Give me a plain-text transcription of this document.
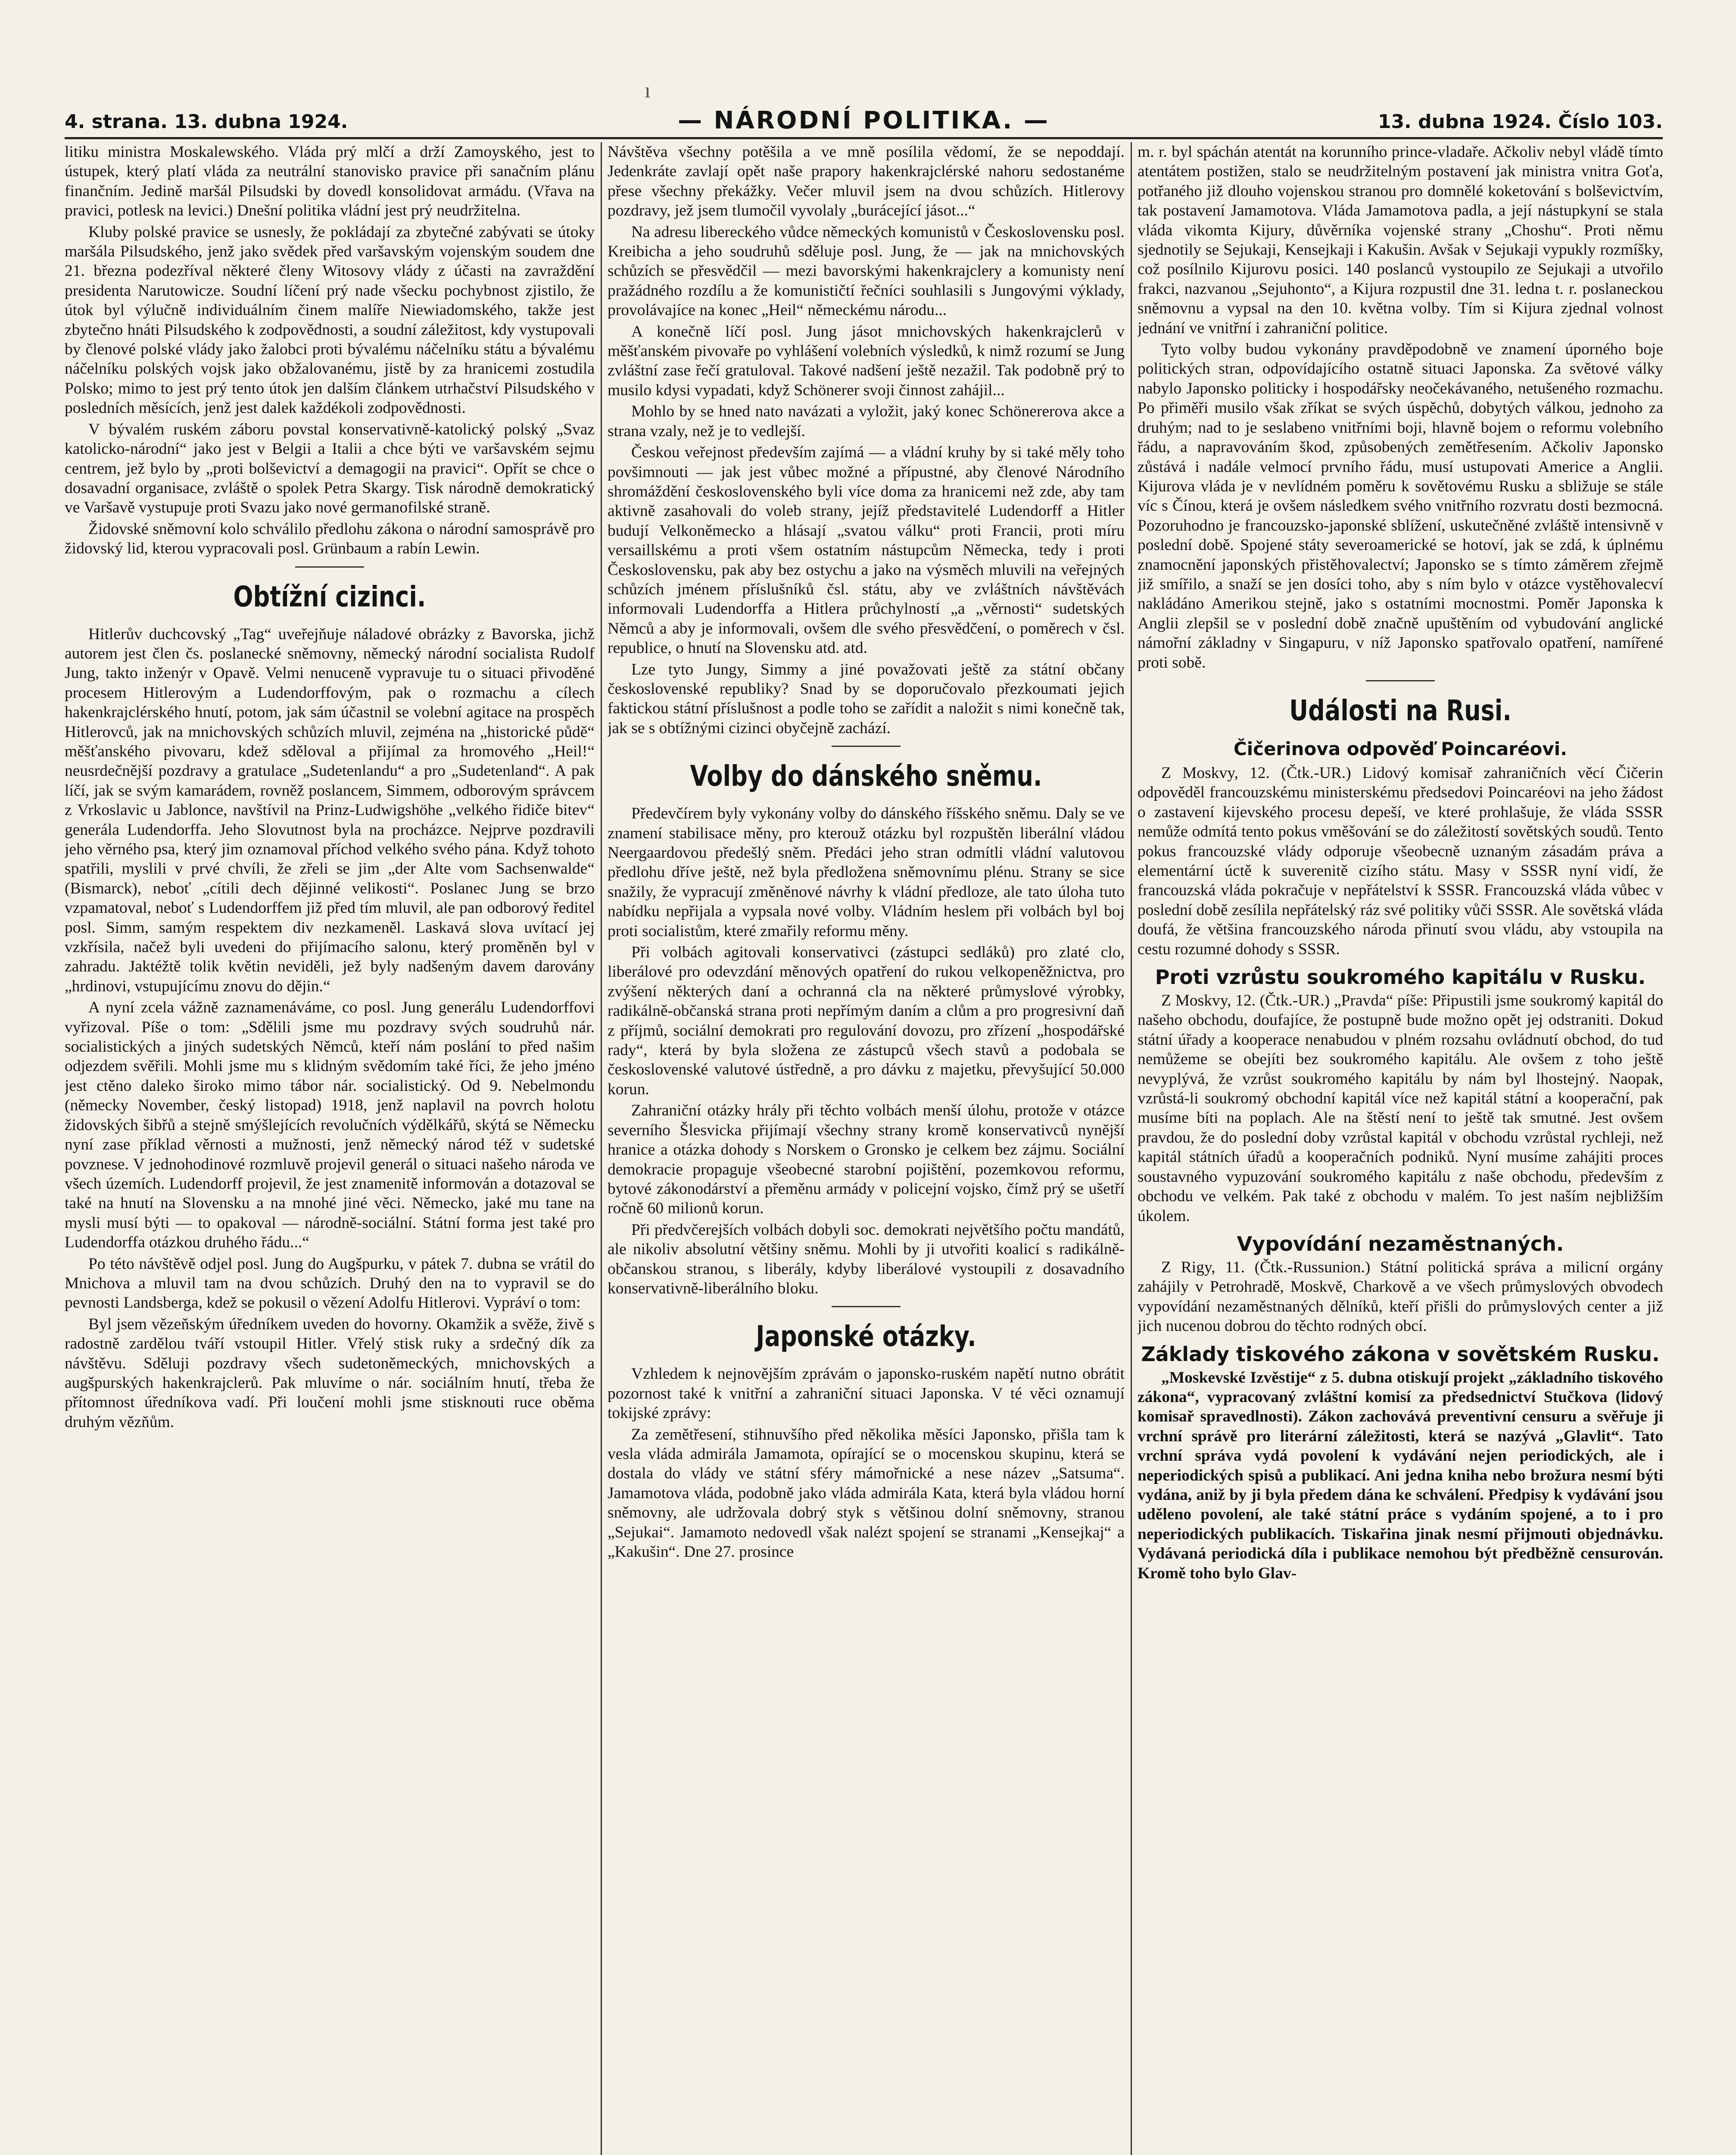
ı
4. strana. 13. dubna 1924.	— NÁRODNÍ POLITIKA. —	13. dubna 1924. Číslo 103.

litiku ministra Moskalewského. Vláda prý mlčí a drží Zamoyského, jest to ústupek, který platí vláda za neutrální stanovisko pravice při sanačním plánu finančním. Jedině maršál Pilsudski by dovedl konsolidovat armádu. (Vřava na pravici, potlesk na levici.) Dnešní politika vládní jest prý neudržitelna.

Kluby polské pravice se usnesly, že pokládají za zbytečné zabývati se útoky maršála Pilsudského, jenž jako svědek před varšavským vojenským soudem dne 21. března podezříval některé členy Witosovy vlády z účasti na zavraždění presidenta Narutowicze. Soudní líčení prý nade všecku pochybnost zjistilo, že útok byl výlučně individuálním činem malíře Niewiadomského, takže jest zbytečno hnáti Pilsudského k zodpovědnosti, a soudní záležitost, kdy vystupovali by členové polské vlády jako žalobci proti bývalému náčelníku státu a bývalému náčelníku polských vojsk jako obžalovanému, jistě by za hranicemi zostudila Polsko; mimo to jest prý tento útok jen dalším článkem utrhačství Pilsudského v posledních měsících, jenž jest dalek každékoli zodpovědnosti.

V bývalém ruském záboru povstal konservativně-katolický polský „Svaz katolicko-národní“ jako jest v Belgii a Italii a chce býti ve varšavském sejmu centrem, jež bylo by „proti bolševictví a demagogii na pravici“. Opřít se chce o dosavadní organisace, zvláště o spolek Petra Skargy. Tisk národně demokratický ve Varšavě vystupuje proti Svazu jako nové germanofilské straně.

Židovské sněmovní kolo schválilo předlohu zákona o národní samosprávě pro židovský lid, kterou vypracovali posl. Grünbaum a rabín Lewin.

Obtížní cizinci.

Hitlerův duchcovský „Tag“ uveřejňuje náladové obrázky z Bavorska, jichž autorem jest člen čs. poslanecké sněmovny, německý národní socialista Rudolf Jung, takto inženýr v Opavě. Velmi nenuceně vypravuje tu o situaci přivoděné procesem Hitlerovým a Ludendorffovým, pak o rozmachu a cílech hakenkrajclérského hnutí, potom, jak sám účastnil se volební agitace na prospěch Hitlerovců, jak na mnichovských schůzích mluvil, zejména na „historické půdě“ měšťanského pivovaru, kdež sděloval a přijímal za hromového „Heil!“ neusrdečnější pozdravy a gratulace „Sudetenlandu“ a pro „Sudetenland“. A pak líčí, jak se svým kamarádem, rovněž poslancem, Simmem, odborovým správcem z Vrkoslavic u Jablonce, navštívil na Prinz-Ludwigshöhe „velkého řidiče bitev“ generála Ludendorffa. Jeho Slovutnost byla na procházce. Nejprve pozdravili jeho věrného psa, který jim oznamoval příchod velkého svého pána. Když tohoto spatřili, myslili v prvé chvíli, že zřeli se jim „der Alte vom Sachsenwalde“ (Bismarck), neboť „cítili dech dějinné velikosti“. Poslanec Jung se brzo vzpamatoval, neboť s Ludendorffem již před tím mluvil, ale pan odborový ředitel posl. Simm, samým respektem div nezkameněl. Laskavá slova uvítací jej vzkřísila, načež byli uvedeni do přijímacího salonu, který proměněn byl v zahradu. Jaktéžtě tolik květin neviděli, jež byly nadšeným davem darovány „hrdinovi, vstupujícímu znovu do dějin.“

A nyní zcela vážně zaznamenáváme, co posl. Jung generálu Ludendorffovi vyřizoval. Píše o tom: „Sdělili jsme mu pozdravy svých soudruhů nár. socialistických a jiných sudetských Němců, kteří nám poslání to před našim odjezdem svěřili. Mohli jsme mu s klidným svědomím také říci, že jeho jméno jest ctěno daleko široko mimo tábor nár. socialistický. Od 9. Nebelmondu (německy November, český listopad) 1918, jenž naplavil na povrch holotu židovských šibřů a stejně smýšlejících revolučních výdělkářů, skýtá se Německu nyní zase příklad věrnosti a mužnosti, jenž německý národ též v sudetské povznese. V jednohodinové rozmluvě projevil generál o situaci našeho národa ve všech územích. Ludendorff projevil, že jest znamenitě informován a dotazoval se také na hnutí na Slovensku a na mnohé jiné věci. Německo, jaké mu tane na mysli musí býti — to opakoval — národně-sociální. Státní forma jest také pro Ludendorffa otázkou druhého řádu...“

Po této návštěvě odjel posl. Jung do Augšpurku, v pátek 7. dubna se vrátil do Mnichova a mluvil tam na dvou schůzích. Druhý den na to vypravil se do pevnosti Landsberga, kdež se pokusil o vězení Adolfu Hitlerovi. Vypráví o tom:

Byl jsem vězeňským úředníkem uveden do hovorny. Okamžik a svěže, živě s radostně zardělou tváří vstoupil Hitler. Vřelý stisk ruky a srdečný dík za návštěvu. Sděluji pozdravy všech sudetoněmeckých, mnichovských a augšpurských hakenkrajclerů. Pak mluvíme o nár. sociálním hnutí, třeba že přítomnost úředníkova vadí. Při loučení mohli jsme stisknouti ruce oběma druhým vězňům.

Návštěva všechny potěšila a ve mně posílila vědomí, že se nepoddají. Jedenkráte zavlají opět naše prapory hakenkrajclérské nahoru sedostanéme přese všechny překážky. Večer mluvil jsem na dvou schůzích. Hitlerovy pozdravy, jež jsem tlumočil vyvolaly „burácející jásot...“

Na adresu libereckého vůdce německých komunistů v Československu posl. Kreibicha a jeho soudruhů sděluje posl. Jung, že — jak na mnichovských schůzích se přesvědčil — mezi bavorskými hakenkrajclery a komunisty není pražádného rozdílu a že komunističtí řečníci souhlasili s Jungovými výklady, provolávajíce na konec „Heil“ německému národu...

A konečně líčí posl. Jung jásot mnichovských hakenkrajclerů v měšťanském pivovaře po vyhlášení volebních výsledků, k nimž rozumí se Jung zvláštní zase řečí gratuloval. Takové nadšení ještě nezažil. Tak podobně prý to musilo kdysi vypadati, když Schönerer svoji činnost zahájil...

Mohlo by se hned nato navázati a vyložit, jaký konec Schönererova akce a strana vzaly, než je to vedlejší.

Českou veřejnost především zajímá — a vládní kruhy by si také měly toho povšimnouti — jak jest vůbec možné a přípustné, aby členové Národního shromáždění československého byli více doma za hranicemi než zde, aby tam aktivně zasahovali do voleb strany, jejíž představitelé Ludendorff a Hitler budují Velkoněmecko a hlásají „svatou válku“ proti Francii, proti míru versaillskému a proti všem ostatním nástupcům Německa, tedy i proti Československu, pak aby bez ostychu a jako na výsměch mluvili na veřejných schůzích jménem příslušníků čsl. státu, aby ve zvláštních návštěvách informovali Ludendorffa a Hitlera průchylností „a „věrnosti“ sudetských Němců a aby je informovali, ovšem dle svého přesvědčení, o poměrech v čsl. republice, o hnutí na Slovensku atd. atd.

Lze tyto Jungy, Simmy a jiné považovati ještě za státní občany československé republiky? Snad by se doporučovalo přezkoumati jejich faktickou státní příslušnost a podle toho se zařídit a naložit s nimi konečně tak, jak se s obtížnými cizinci obyčejně zachází.

Volby do dánského sněmu.

Předevčírem byly vykonány volby do dánského říšského sněmu. Daly se ve znamení stabilisace měny, pro kterouž otázku byl rozpuštěn liberální vládou Neergaardovou předešlý sněm. Předáci jeho stran odmítli vládní valutovou předlohu dříve ještě, než byla předložena sněmovnímu plénu. Strany se sice snažily, že vypracují změněnové návrhy k vládní předloze, ale tato úloha tuto nabídku nepřijala a vypsala nové volby. Vládním heslem při volbách byl boj proti socialistům, které zmařily reformu měny.

Při volbách agitovali konservativci (zástupci sedláků) pro zlaté clo, liberálové pro odevzdání měnových opatření do rukou velkopeněžnictva, pro zvýšení některých daní a ochranná cla na některé průmyslové výrobky, radikálně-občanská strana proti nepřímým daním a clům a pro progresivní daň z příjmů, sociální demokrati pro regulování dovozu, pro zřízení „hospodářské rady“, která by byla složena ze zástupců všech stavů a podobala se československé valutové ústředně, a pro dávku z majetku, převyšující 50.000 korun.

Zahraniční otázky hrály při těchto volbách menší úlohu, protože v otázce severního Šlesvicka přijímají všechny strany kromě konservativců nynější hranice a otázka dohody s Norskem o Gronsko je celkem bez zájmu. Sociální demokracie propaguje všeobecné starobní pojištění, pozemkovou reformu, bytové zákonodárství a přeměnu armády v policejní vojsko, čímž prý se ušetří ročně 60 milionů korun.

Při předvčerejších volbách dobyli soc. demokrati největšího počtu mandátů, ale nikoliv absolutní většiny sněmu. Mohli by ji utvořiti koalicí s radikálně-občanskou stranou, s liberály, kdyby liberálové vystoupili z dosavadního konservativně-liberálního bloku.

Japonské otázky.

Vzhledem k nejnovějším zprávám o japonsko-ruském napětí nutno obrátit pozornost také k vnitřní a zahraniční situaci Japonska. V té věci oznamují tokijské zprávy:

Za zemětřesení, stihnuvšího před několika měsíci Japonsko, přišla tam k vesla vláda admirála Jamamota, opírající se o mocenskou skupinu, která se dostala do vlády ve státní sféry mámořnické a nese název „Satsuma“. Jamamotova vláda, podobně jako vláda admirála Kata, která byla vládou horní sněmovny, ale udržovala dobrý styk s většinou dolní sněmovny, stranou „Sejukai“. Jamamoto nedovedl však nalézt spojení se stranami „Kensejkaj“ a „Kakušin“. Dne 27. prosince

m. r. byl spáchán atentát na korunního prince-vladaře. Ačkoliv nebyl vládě tímto atentátem postižen, stalo se neudržitelným postavení jak ministra vnitra Goťa, potřaného již dlouho vojenskou stranou pro domnělé koketování s bolševictvím, tak postavení Jamamotova. Vláda Jamamotova padla, a její nástupkyní se stala vláda vikomta Kijury, důvěrníka vojenské strany „Choshu“. Proti němu sjednotily se Sejukaji, Kensejkaji i Kakušin. Avšak v Sejukaji vypukly rozmíšky, což posílnilo Kijurovu posici. 140 poslanců vystoupilo ze Sejukaji a utvořilo frakci, nazvanou „Sejuhonto“, a Kijura rozpustil dne 31. ledna t. r. poslaneckou sněmovnu a vypsal na den 10. května volby. Tím si Kijura zjednal volnost jednání ve vnitřní i zahraniční politice.

Tyto volby budou vykonány pravděpodobně ve znamení úporného boje politických stran, odpovídajícího ostatně situaci Japonska. Za světové války nabylo Japonsko politicky i hospodářsky neočekávaného, netušeného rozmachu. Po přiměři musilo však zříkat se svých úspěchů, dobytých válkou, jednoho za druhým; nad to je seslabeno vnitřními boji, hlavně bojem o reformu volebního řádu, a napravováním škod, způsobených zemětřesením. Ačkoliv Japonsko zůstává i nadále velmocí prvního řádu, musí ustupovati Americe a Anglii. Kijurova vláda je v nevlídném poměru k sovětovému Rusku a sbližuje se stále víc s Čínou, která je ovšem následkem svého vnitřního rozvratu dosti bezmocná. Pozoruhodno je francouzsko-japonské sblížení, uskutečněné zvláště intensivně v poslední době. Spojené státy severoamerické se hotoví, jak se zdá, k úplnému znamocnění japonských přistěhovalectví; Japonsko se s tímto záměrem zřejmě již smířilo, a snaží se jen dosíci toho, aby s ním bylo v otázce vystěhovalecví nakládáno Amerikou stejně, jako s ostatními mocnostmi. Poměr Japonska k Anglii zlepšil se v poslední době značně upuštěním od vybudování anglické námořní základny v Singapuru, v níž Japonsko spatřovalo opatření, namířené proti sobě.

Události na Rusi.
Čičerinova odpověď Poincaréovi.

Z Moskvy, 12. (Čtk.-UR.) Lidový komisař zahraničních věcí Čičerin odpověděl francouzskému ministerskému předsedovi Poincaréovi na jeho žádost o zastavení kijevského procesu depeší, ve které prohlašuje, že vláda SSSR nemůže odmítá tento pokus vměšování se do záležitostí sovětských soudů. Tento pokus francouzské vlády odporuje všeobecně uznaným zásadám práva a elementární úctě k suverenitě cizího státu. Masy v SSSR nyní vidí, že francouzská vláda pokračuje v nepřátelství k SSSR. Francouzská vláda vůbec v poslední době zesílila nepřátelský ráz své politiky vůči SSSR. Ale sovětská vláda doufá, že většina francouzského národa přinutí svou vládu, aby vstoupila na cestu rozumné dohody s SSSR.

Proti vzrůstu soukromého kapitálu v Rusku.

Z Moskvy, 12. (Čtk.-UR.) „Pravda“ píše: Připustili jsme soukromý kapitál do našeho obchodu, doufajíce, že postupně bude možno opět jej odstraniti. Dokud státní úřady a kooperace nenabudou v plném rozsahu ovládnutí obchod, do tud nemůžeme se obejíti bez soukromého kapitálu. Ale ovšem z toho ještě nevyplývá, že vzrůst soukromého kapitálu by nám byl lhostejný. Naopak, vzrůstá-li soukromý obchodní kapitál více než kapitál státní a kooperační, pak musíme bíti na poplach. Ale na štěstí není to ještě tak smutné. Jest ovšem pravdou, že do poslední doby vzrůstal kapitál v obchodu vzrůstal rychleji, než kapitál státních úřadů a kooperačních podniků. Nyní musíme zahájiti proces soustavného vypuzování soukromého kapitálu z naše obchodu, především z obchodu ve velkém. Pak také z obchodu v malém. To jest naším nejbližším úkolem.

Vypovídání nezaměstnaných.

Z Rigy, 11. (Čtk.-Russunion.) Státní politická správa a milicní orgány zahájily v Petrohradě, Moskvě, Charkově a ve všech průmyslových obvodech vypovídání nezaměstnaných dělníků, kteří přišli do průmyslových center a již jich nucenou dobrou do těchto rodných obcí.

Základy tiskového zákona v sovětském Rusku.

„Moskevské Izvěstije“ z 5. dubna otiskují projekt „základního tiskového zákona“, vypracovaný zvláštní komisí za předsednictví Stučkova (lidový komisař spravedlnosti). Zákon zachovává preventivní censuru a svěřuje ji vrchní správě pro literární záležitosti, která se nazývá „Glavlit“. Tato vrchní správa vydá povolení k vydávání nejen periodických, ale i neperiodických spisů a publikací. Ani jedna kniha nebo brožura nesmí býti vydána, aniž by ji byla předem dána ke schválení. Předpisy k vydávání jsou uděleno povolení, ale také státní práce s vydáním spojené, a to i pro neperiodických publikacích. Tiskařina jinak nesmí přijmouti objednávku. Vydávaná periodická díla i publikace nemohou být předběžně censurován. Kromě toho bylo Glav-
